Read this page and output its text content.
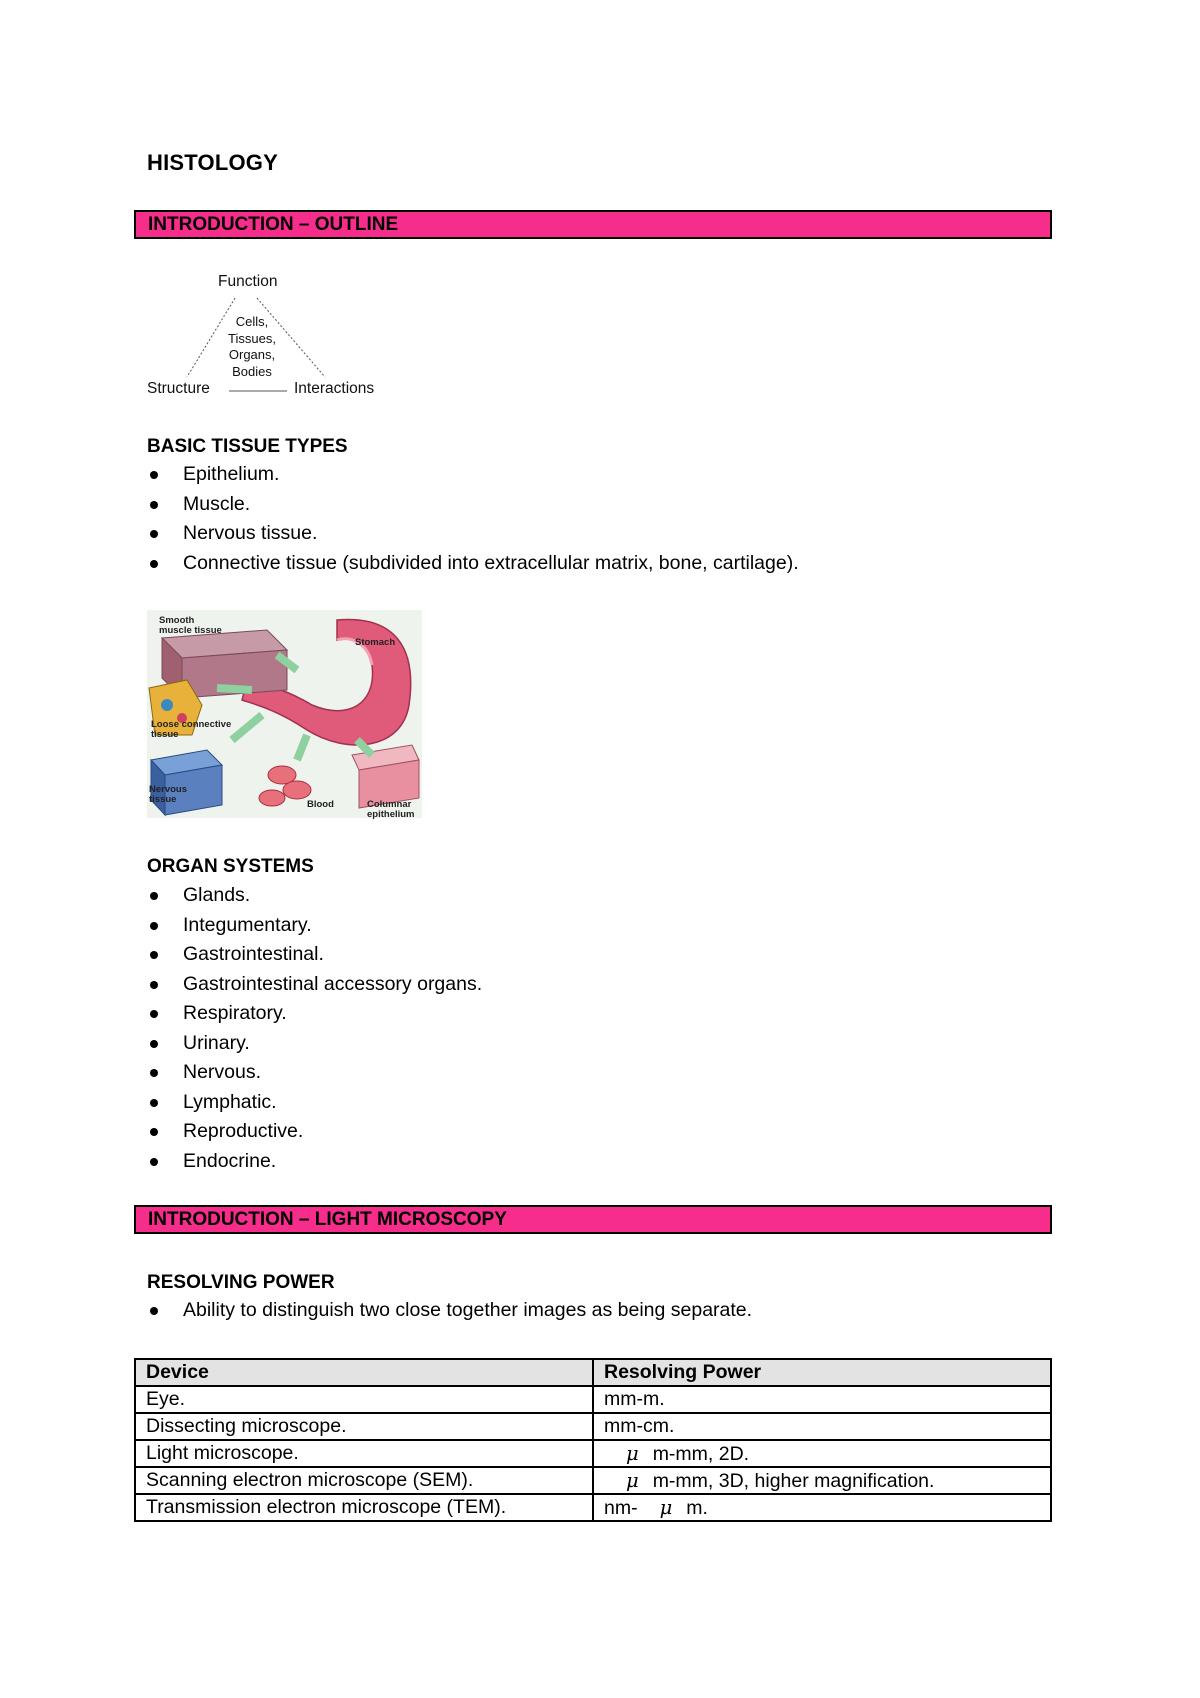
HISTOLOGY
INTRODUCTION – OUTLINE
Function
Structure	Interactions
Cells,
Tissues,
Organs,
Bodies
BASIC TISSUE TYPES
Epithelium.
Muscle.
Nervous tissue.
Connective tissue (subdivided into extracellular matrix, bone, cartilage).
Smooth muscle tissue
Stomach
Loose connective tissue
Nervous tissue	Blood	Columnar epithelium
ORGAN SYSTEMS
Glands.
Integumentary.
Gastrointestinal.
Gastrointestinal accessory organs.
Respiratory.
Urinary.
Nervous.
Lymphatic.
Reproductive.
Endocrine.
INTRODUCTION – LIGHT MICROSCOPY
RESOLVING POWER
Ability to distinguish two close together images as being separate.
Device	Resolving Power
Eye.	mm-m.
Dissecting microscope.	mm-cm.
Light microscope.	μ m-mm, 2D.
Scanning electron microscope (SEM).	μ m-mm, 3D, higher magnification.
Transmission electron microscope (TEM).	nm- μ m.
